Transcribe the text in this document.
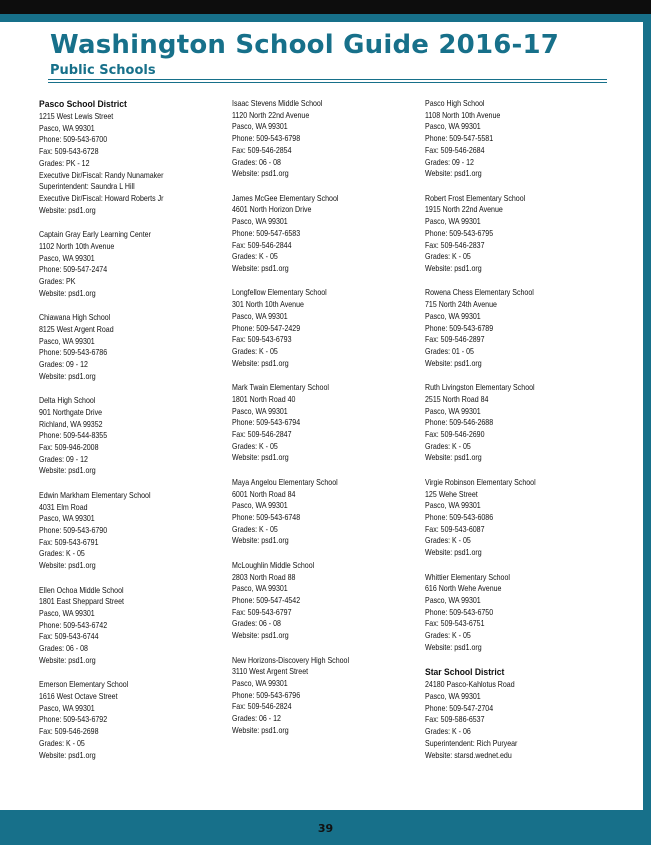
Washington School Guide 2016-17
Public Schools
Pasco School District
1215 West Lewis Street
Pasco, WA 99301
Phone: 509-543-6700
Fax: 509-543-6728
Grades: PK - 12
Executive Dir/Fiscal: Randy Nunamaker
Superintendent: Saundra L Hill
Executive Dir/Fiscal: Howard Roberts Jr
Website: psd1.org
Captain Gray Early Learning Center
1102 North 10th Avenue
Pasco, WA 99301
Phone: 509-547-2474
Grades: PK
Website: psd1.org
Chiawana High School
8125 West Argent Road
Pasco, WA 99301
Phone: 509-543-6786
Grades: 09 - 12
Website: psd1.org
Delta High School
901 Northgate Drive
Richland, WA 99352
Phone: 509-544-8355
Fax: 509-946-2008
Grades: 09 - 12
Website: psd1.org
Edwin Markham Elementary School
4031 Elm Road
Pasco, WA 99301
Phone: 509-543-6790
Fax: 509-543-6791
Grades: K - 05
Website: psd1.org
Ellen Ochoa Middle School
1801 East Sheppard Street
Pasco, WA 99301
Phone: 509-543-6742
Fax: 509-543-6744
Grades: 06 - 08
Website: psd1.org
Emerson Elementary School
1616 West Octave Street
Pasco, WA 99301
Phone: 509-543-6792
Fax: 509-546-2698
Grades: K - 05
Website: psd1.org
Isaac Stevens Middle School
1120 North 22nd Avenue
Pasco, WA 99301
Phone: 509-543-6798
Fax: 509-546-2854
Grades: 06 - 08
Website: psd1.org
James McGee Elementary School
4601 North Horizon Drive
Pasco, WA 99301
Phone: 509-547-6583
Fax: 509-546-2844
Grades: K - 05
Website: psd1.org
Longfellow Elementary School
301 North 10th Avenue
Pasco, WA 99301
Phone: 509-547-2429
Fax: 509-543-6793
Grades: K - 05
Website: psd1.org
Mark Twain Elementary School
1801 North Road 40
Pasco, WA 99301
Phone: 509-543-6794
Fax: 509-546-2847
Grades: K - 05
Website: psd1.org
Maya Angelou Elementary School
6001 North Road 84
Pasco, WA 99301
Phone: 509-543-6748
Grades: K - 05
Website: psd1.org
McLoughlin Middle School
2803 North Road 88
Pasco, WA 99301
Phone: 509-547-4542
Fax: 509-543-6797
Grades: 06 - 08
Website: psd1.org
New Horizons-Discovery High School
3110 West Argent Street
Pasco, WA 99301
Phone: 509-543-6796
Fax: 509-546-2824
Grades: 06 - 12
Website: psd1.org
Pasco High School
1108 North 10th Avenue
Pasco, WA 99301
Phone: 509-547-5581
Fax: 509-546-2684
Grades: 09 - 12
Website: psd1.org
Robert Frost Elementary School
1915 North 22nd Avenue
Pasco, WA 99301
Phone: 509-543-6795
Fax: 509-546-2837
Grades: K - 05
Website: psd1.org
Rowena Chess Elementary School
715 North 24th Avenue
Pasco, WA 99301
Phone: 509-543-6789
Fax: 509-546-2897
Grades: 01 - 05
Website: psd1.org
Ruth Livingston Elementary School
2515 North Road 84
Pasco, WA 99301
Phone: 509-546-2688
Fax: 509-546-2690
Grades: K - 05
Website: psd1.org
Virgie Robinson Elementary School
125 Wehe Street
Pasco, WA 99301
Phone: 509-543-6086
Fax: 509-543-6087
Grades: K - 05
Website: psd1.org
Whittier Elementary School
616 North Wehe Avenue
Pasco, WA 99301
Phone: 509-543-6750
Fax: 509-543-6751
Grades: K - 05
Website: psd1.org
Star School District
24180 Pasco-Kahlotus Road
Pasco, WA 99301
Phone: 509-547-2704
Fax: 509-586-6537
Grades: K - 06
Superintendent: Rich Puryear
Website: starsd.wednet.edu
39
